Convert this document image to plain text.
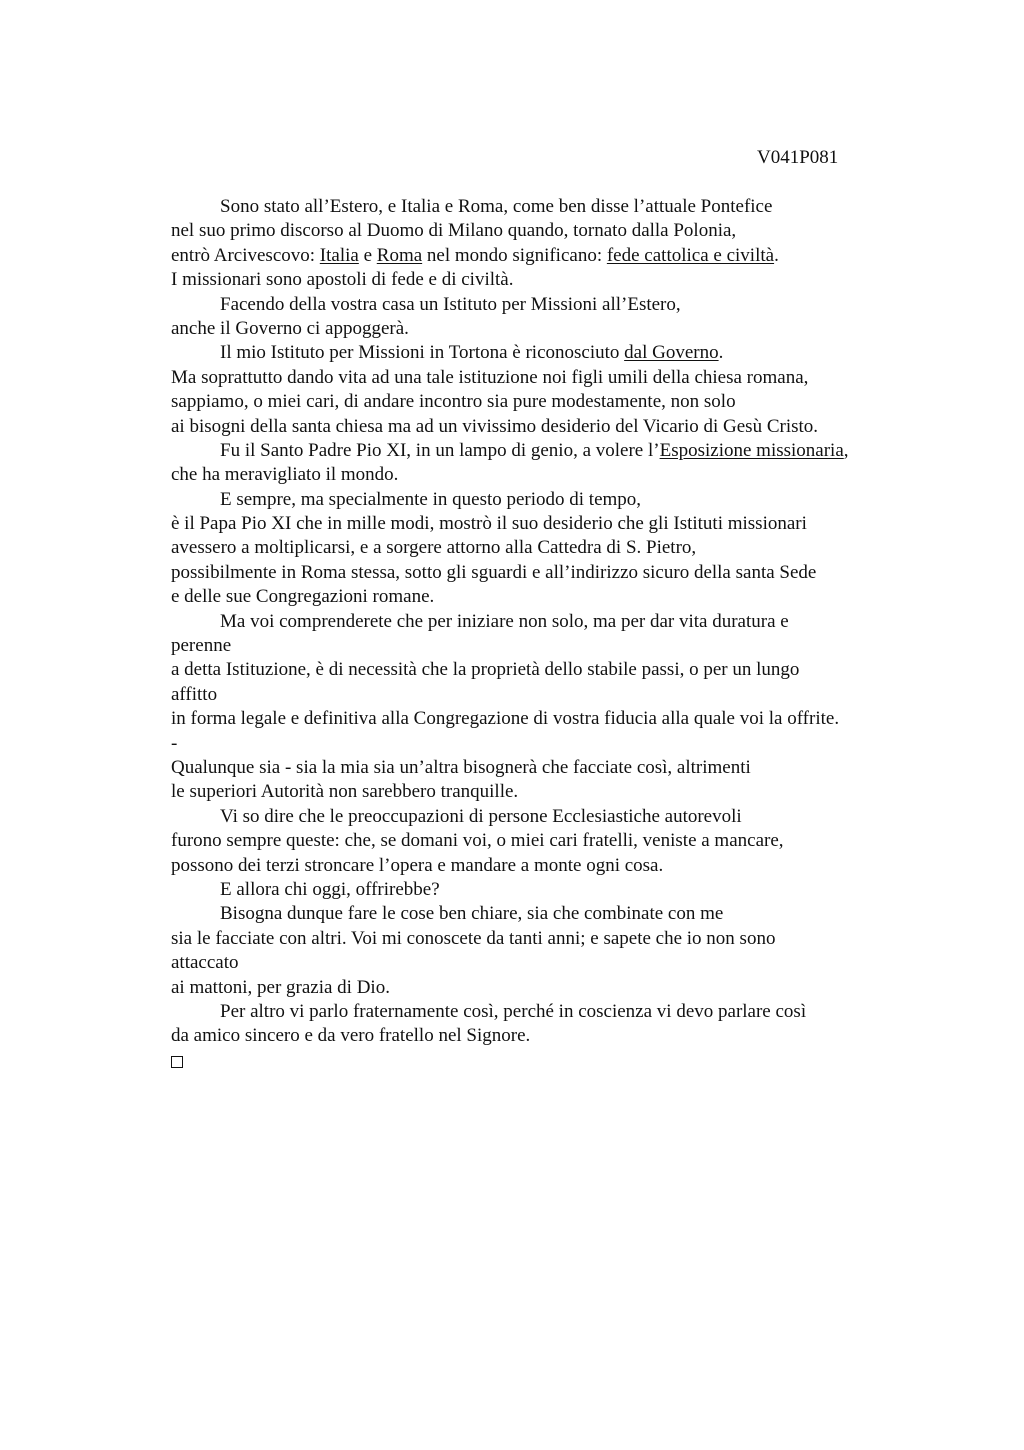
V041P081
Sono stato all’Estero, e Italia e Roma, come ben disse l’attuale Pontefice
nel suo primo discorso al Duomo di Milano quando, tornato dalla Polonia,
entrò Arcivescovo: Italia e Roma nel mondo significano: fede cattolica e civiltà.
I missionari sono apostoli di fede e di civiltà.
Facendo della vostra casa un Istituto per Missioni all’Estero,
anche il Governo ci appoggerà.
Il mio Istituto per Missioni in Tortona è riconosciuto dal Governo.
Ma soprattutto dando vita ad una tale istituzione noi figli umili della chiesa romana,
sappiamo, o miei cari, di andare incontro sia pure modestamente, non solo
ai bisogni della santa chiesa ma ad un vivissimo desiderio del Vicario di Gesù Cristo.
Fu il Santo Padre Pio XI, in un lampo di genio, a volere l’Esposizione missionaria,
che ha meravigliato il mondo.
E sempre, ma specialmente in questo periodo di tempo,
è il Papa Pio XI che in mille modi, mostrò il suo desiderio che gli Istituti missionari
avessero a moltiplicarsi, e a sorgere attorno alla Cattedra di S. Pietro,
possibilmente in Roma stessa, sotto gli sguardi e all’indirizzo sicuro della santa Sede
e delle sue Congregazioni romane.
Ma voi comprenderete che per iniziare non solo, ma per dar vita duratura e
perenne
a detta Istituzione, è di necessità che la proprietà dello stabile passi, o per un lungo
affitto
in forma legale e definitiva alla Congregazione di vostra fiducia alla quale voi la offrite.
-
Qualunque sia - sia la mia sia un’altra bisognerà che facciate così, altrimenti
le superiori Autorità non sarebbero tranquille.
Vi so dire che le preoccupazioni di persone Ecclesiastiche autorevoli
furono sempre queste: che, se domani voi, o miei cari fratelli, veniste a mancare,
possono dei terzi stroncare l’opera e mandare a monte ogni cosa.
E allora chi oggi, offrirebbe?
Bisogna dunque fare le cose ben chiare, sia che combinate con me
sia le facciate con altri. Voi mi conoscete da tanti anni; e sapete che io non sono
attaccato
ai mattoni, per grazia di Dio.
Per altro vi parlo fraternamente così, perché in coscienza vi devo parlare così
da amico sincero e da vero fratello nel Signore.
